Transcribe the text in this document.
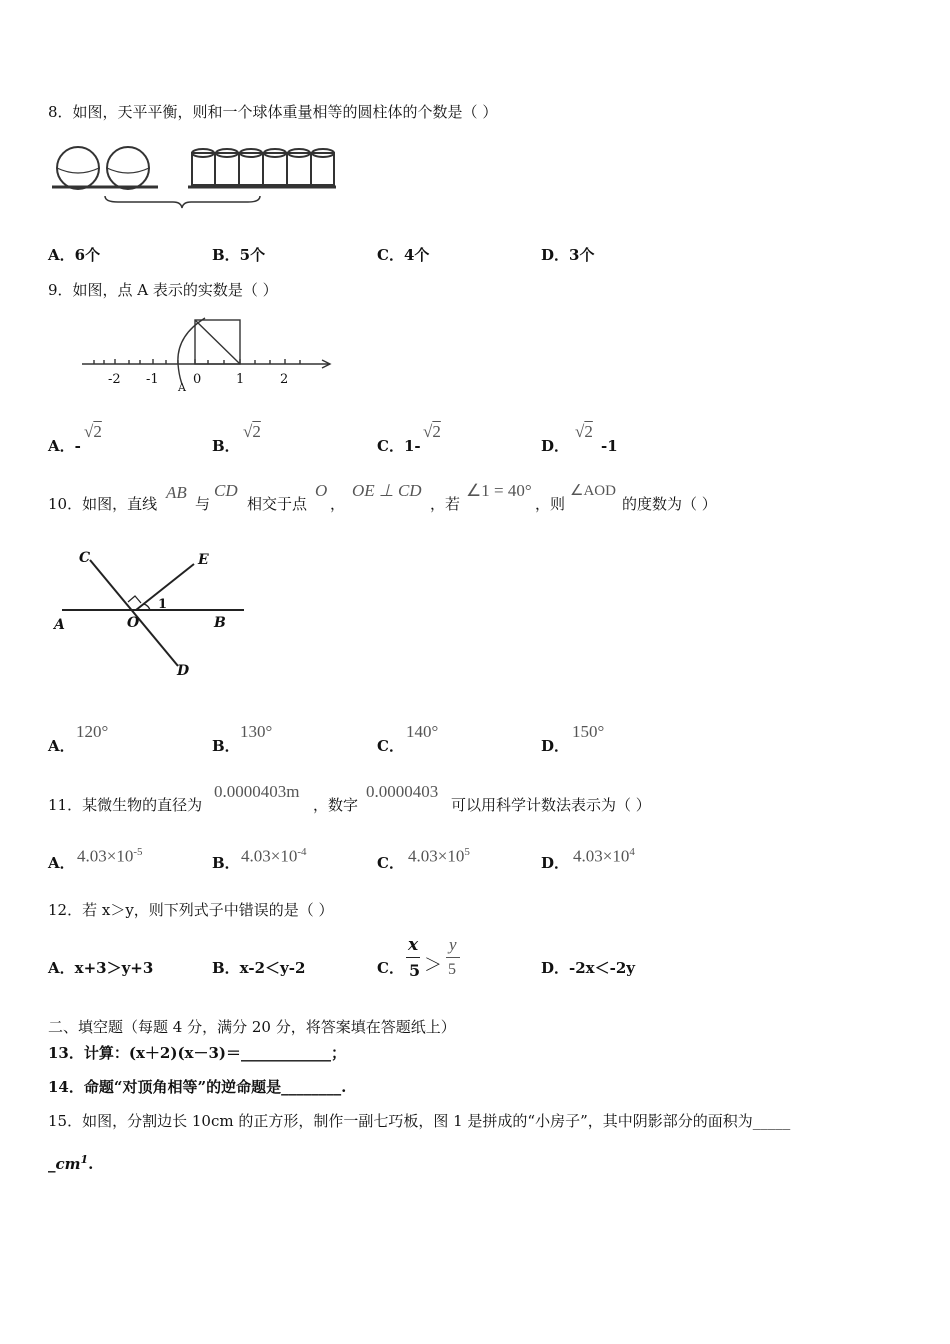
8．如图，天平平衡，则和一个球体重量相等的圆柱体的个数是（ ）
A．6个	B．5个	C．4个	D．3个
9．如图，点 A 表示的实数是（ ）
-2 -1	0	1	2
A
A．-
√2
B．
√2
C．1-
√2
D．
√2
-1
10．如图，直线
AB
与
CD
相交于点
O
，
OE ⊥ CD
，若
∠1 = 40°
，则
∠AOD
的度数为（ ）
C	E
A	O	B
D
1
A．
120°
B．
130°
C．
140°
D．
150°
11．某微生物的直径为
0.0000403m
，数字
0.0000403
可以用科学计数法表示为（ ）
A． $4.03\times 10^{-5}$
B． $4.03\times 10^{-4}$
C． $4.03\times 10^5$
D． $4.03\times 10^4$
12．若 x＞y，则下列式子中错误的是（ ）
A．x+3＞y+3	B．x-2＜y-2	C．
x
5 ＞
y
5	D．-2x＜-2y
二、填空题（每题 4 分，满分 20 分，将答案填在答题纸上）
13．计算：(x＋2)(x－3)＝____________；
14．命题“对顶角相等”的逆命题是________.
15．如图，分割边长 10cm 的正方形，制作一副七巧板，图 1 是拼成的“小房子”，其中阴影部分的面积为_____
$\_cm^1$.
